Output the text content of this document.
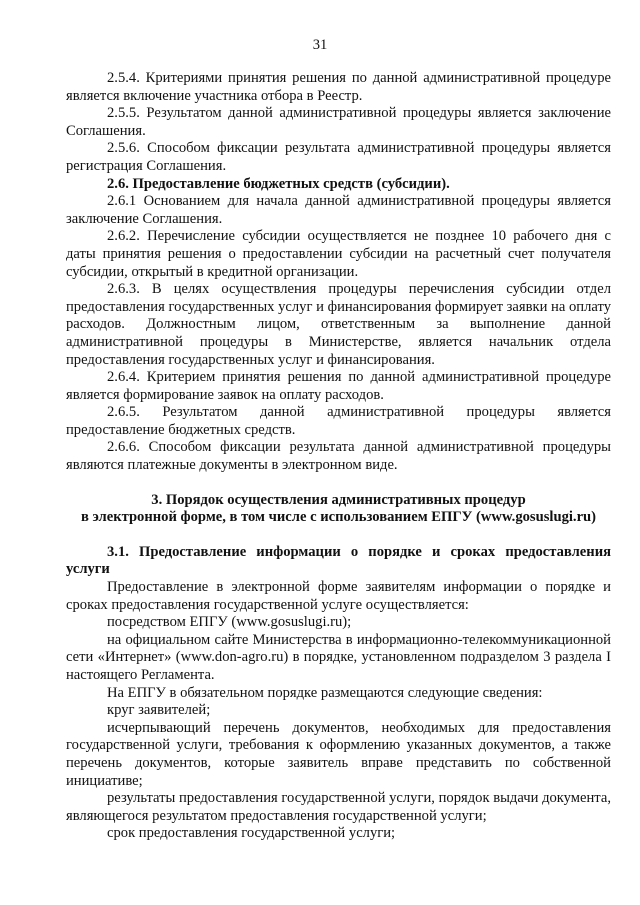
31

2.5.4. Критериями принятия решения по данной административной процедуре является включение участника отбора в Реестр.

2.5.5. Результатом данной административной процедуры является заключение Соглашения.

2.5.6. Способом фиксации результата административной процедуры является регистрация Соглашения.

2.6. Предоставление бюджетных средств (субсидии).

2.6.1 Основанием для начала данной административной процедуры является заключение Соглашения.

2.6.2. Перечисление субсидии осуществляется не позднее 10 рабочего дня с даты принятия решения о предоставлении субсидии на расчетный счет получателя субсидии, открытый в кредитной организации.

2.6.3. В целях осуществления процедуры перечисления субсидии отдел предоставления государственных услуг и финансирования формирует заявки на оплату расходов. Должностным лицом, ответственным за выполнение данной административной процедуры в Министерстве, является начальник отдела предоставления государственных услуг и финансирования.

2.6.4. Критерием принятия решения по данной административной процедуре является формирование заявок на оплату расходов.

2.6.5. Результатом данной административной процедуры является предоставление бюджетных средств.

2.6.6. Способом фиксации результата данной административной процедуры являются платежные документы в электронном виде.

3. Порядок осуществления административных процедур

в электронной форме, в том числе с использованием ЕПГУ (www.gosuslugi.ru)

3.1. Предоставление информации о порядке и сроках предоставления услуги

Предоставление в электронной форме заявителям информации о порядке и сроках предоставления государственной услуге осуществляется:

посредством ЕПГУ (www.gosuslugi.ru);

на официальном сайте Министерства в информационно-телекоммуникационной сети «Интернет» (www.don-agro.ru) в порядке, установленном подразделом 3 раздела I настоящего Регламента.

На ЕПГУ в обязательном порядке размещаются следующие сведения:

круг заявителей;

исчерпывающий перечень документов, необходимых для предоставления государственной услуги, требования к оформлению указанных документов, а также перечень документов, которые заявитель вправе представить по собственной инициативе;

результаты предоставления государственной услуги, порядок выдачи документа, являющегося результатом предоставления государственной услуги;

срок предоставления государственной услуги;
